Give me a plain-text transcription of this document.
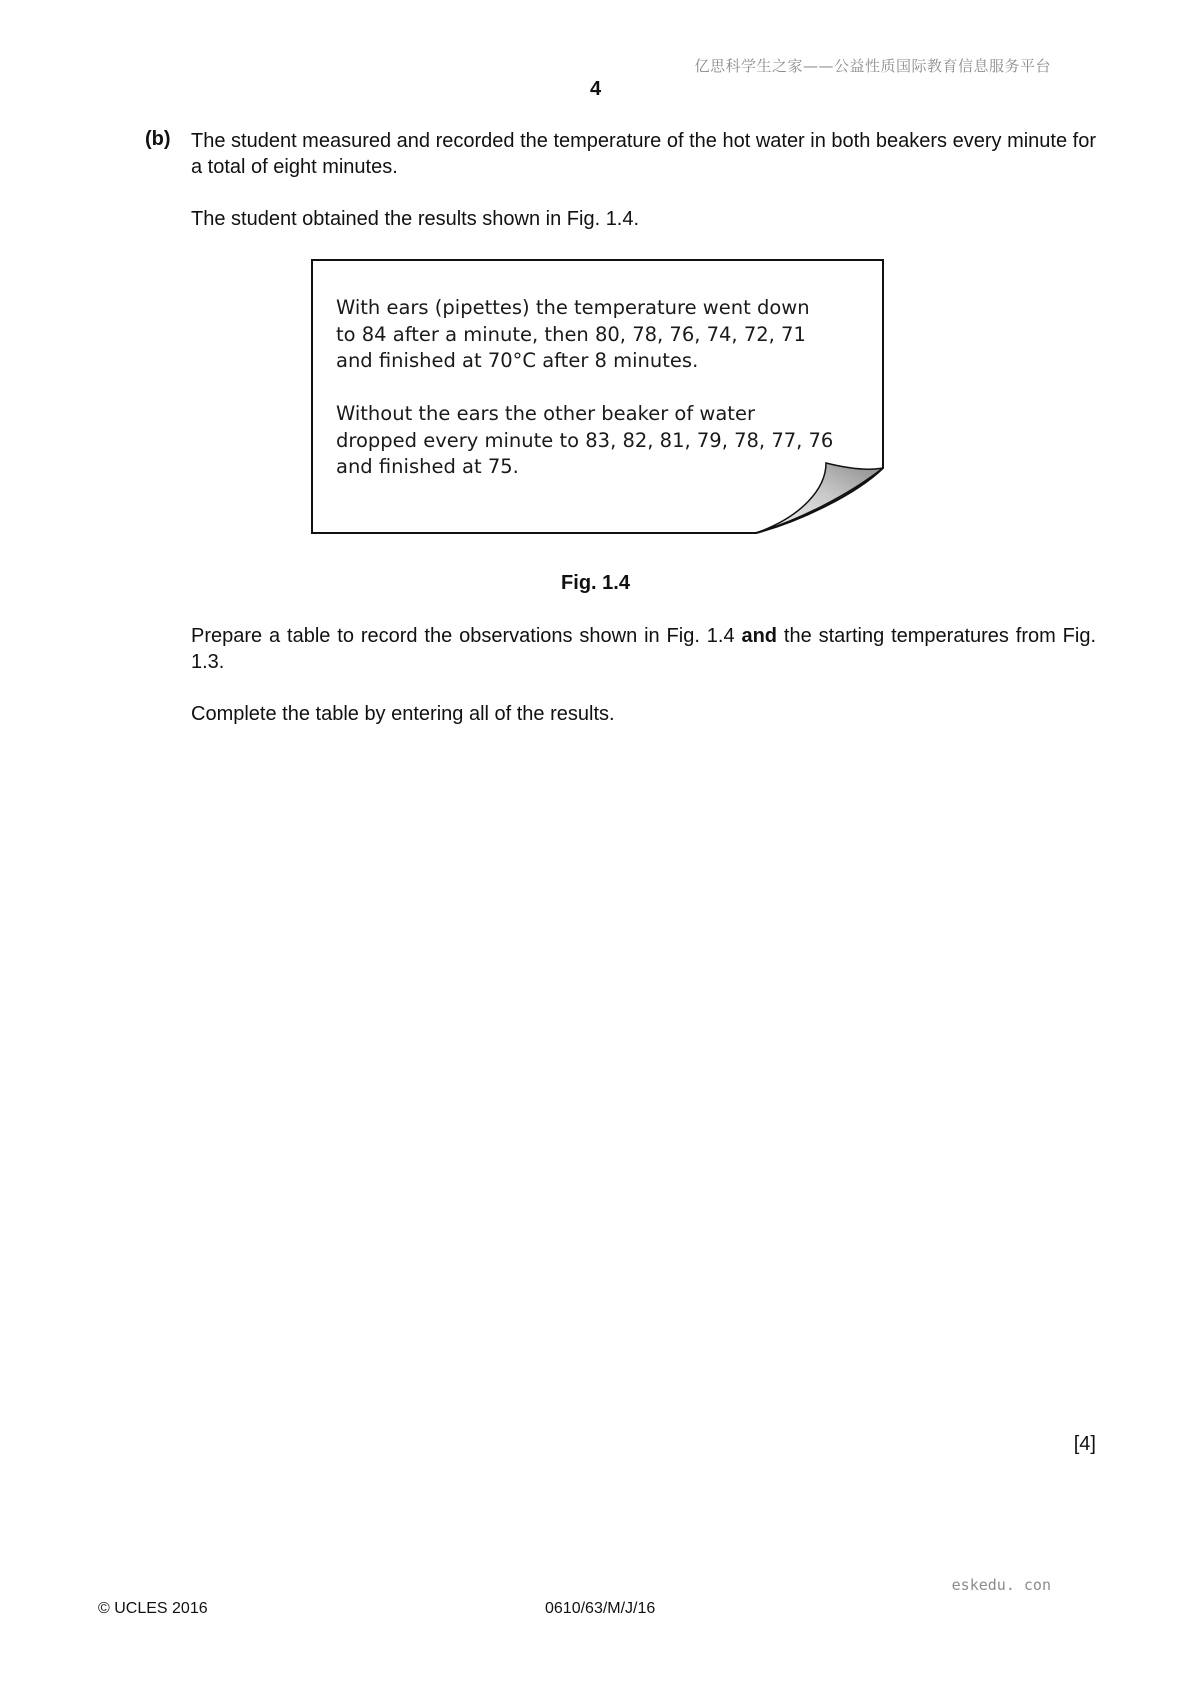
亿思科学生之家——公益性质国际教育信息服务平台
4
(b) The student measured and recorded the temperature of the hot water in both beakers every minute for a total of eight minutes.
The student obtained the results shown in Fig. 1.4.
With ears (pipettes) the temperature went down
to 84 after a minute, then 80, 78, 76, 74, 72, 71
and finished at 70°C after 8 minutes.
Without the ears the other beaker of water
dropped every minute to 83, 82, 81, 79, 78, 77, 76
and finished at 75.
Fig. 1.4
Prepare a table to record the observations shown in Fig. 1.4 and the starting temperatures from Fig. 1.3.
Complete the table by entering all of the results.
[4]
eskedu. con
© UCLES 2016	0610/63/M/J/16
